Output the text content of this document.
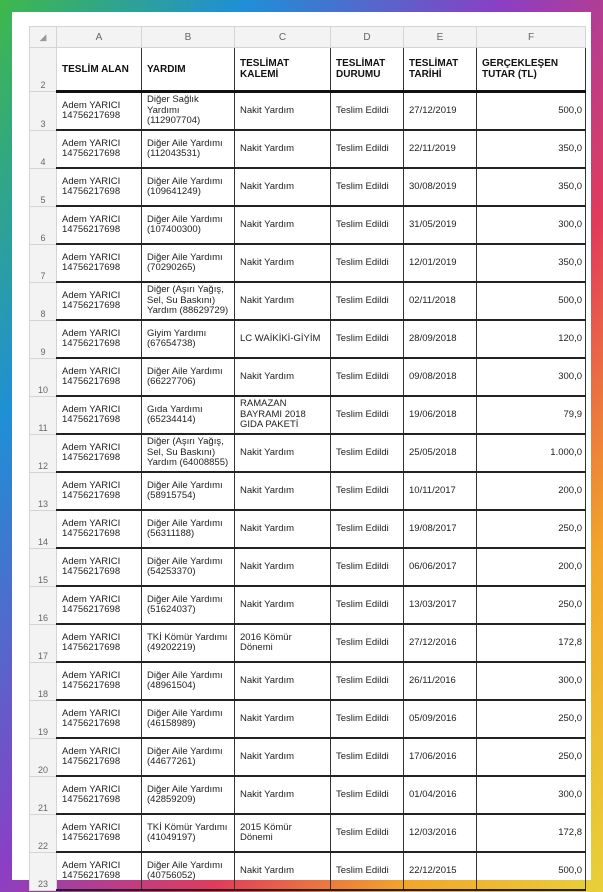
◢	A	B	C	D	E	F
2	TESLİM ALAN	YARDIM	TESLİMAT KALEMİ	TESLİMAT DURUMU	TESLİMAT TARİHİ	GERÇEKLEŞEN TUTAR (TL)
3	Adem YARICI 14756217698	Diğer Sağlık Yardımı (112907704)	Nakit Yardım	Teslim Edildi	27/12/2019	500,0
4	Adem YARICI 14756217698	Diğer Aile Yardımı (112043531)	Nakit Yardım	Teslim Edildi	22/11/2019	350,0
5	Adem YARICI 14756217698	Diğer Aile Yardımı (109641249)	Nakit Yardım	Teslim Edildi	30/08/2019	350,0
6	Adem YARICI 14756217698	Diğer Aile Yardımı (107400300)	Nakit Yardım	Teslim Edildi	31/05/2019	300,0
7	Adem YARICI 14756217698	Diğer Aile Yardımı (70290265)	Nakit Yardım	Teslim Edildi	12/01/2019	350,0
8	Adem YARICI 14756217698	Diğer (Aşırı Yağış, Sel, Su Baskını) Yardım (88629729)	Nakit Yardım	Teslim Edildi	02/11/2018	500,0
9	Adem YARICI 14756217698	Giyim Yardımı (67654738)	LC WAİKİKİ-GİYİM	Teslim Edildi	28/09/2018	120,0
10	Adem YARICI 14756217698	Diğer Aile Yardımı (66227706)	Nakit Yardım	Teslim Edildi	09/08/2018	300,0
11	Adem YARICI 14756217698	Gıda Yardımı (65234414)	RAMAZAN BAYRAMI 2018 GIDA PAKETİ	Teslim Edildi	19/06/2018	79,9
12	Adem YARICI 14756217698	Diğer (Aşırı Yağış, Sel, Su Baskını) Yardım (64008855)	Nakit Yardım	Teslim Edildi	25/05/2018	1.000,0
13	Adem YARICI 14756217698	Diğer Aile Yardımı (58915754)	Nakit Yardım	Teslim Edildi	10/11/2017	200,0
14	Adem YARICI 14756217698	Diğer Aile Yardımı (56311188)	Nakit Yardım	Teslim Edildi	19/08/2017	250,0
15	Adem YARICI 14756217698	Diğer Aile Yardımı (54253370)	Nakit Yardım	Teslim Edildi	06/06/2017	200,0
16	Adem YARICI 14756217698	Diğer Aile Yardımı (51624037)	Nakit Yardım	Teslim Edildi	13/03/2017	250,0
17	Adem YARICI 14756217698	TKİ Kömür Yardımı (49202219)	2016 Kömür Dönemi	Teslim Edildi	27/12/2016	172,8
18	Adem YARICI 14756217698	Diğer Aile Yardımı (48961504)	Nakit Yardım	Teslim Edildi	26/11/2016	300,0
19	Adem YARICI 14756217698	Diğer Aile Yardımı (46158989)	Nakit Yardım	Teslim Edildi	05/09/2016	250,0
20	Adem YARICI 14756217698	Diğer Aile Yardımı (44677261)	Nakit Yardım	Teslim Edildi	17/06/2016	250,0
21	Adem YARICI 14756217698	Diğer Aile Yardımı (42859209)	Nakit Yardım	Teslim Edildi	01/04/2016	300,0
22	Adem YARICI 14756217698	TKİ Kömür Yardımı (41049197)	2015 Kömür Dönemi	Teslim Edildi	12/03/2016	172,8
23	Adem YARICI 14756217698	Diğer Aile Yardımı (40756052)	Nakit Yardım	Teslim Edildi	22/12/2015	500,0
